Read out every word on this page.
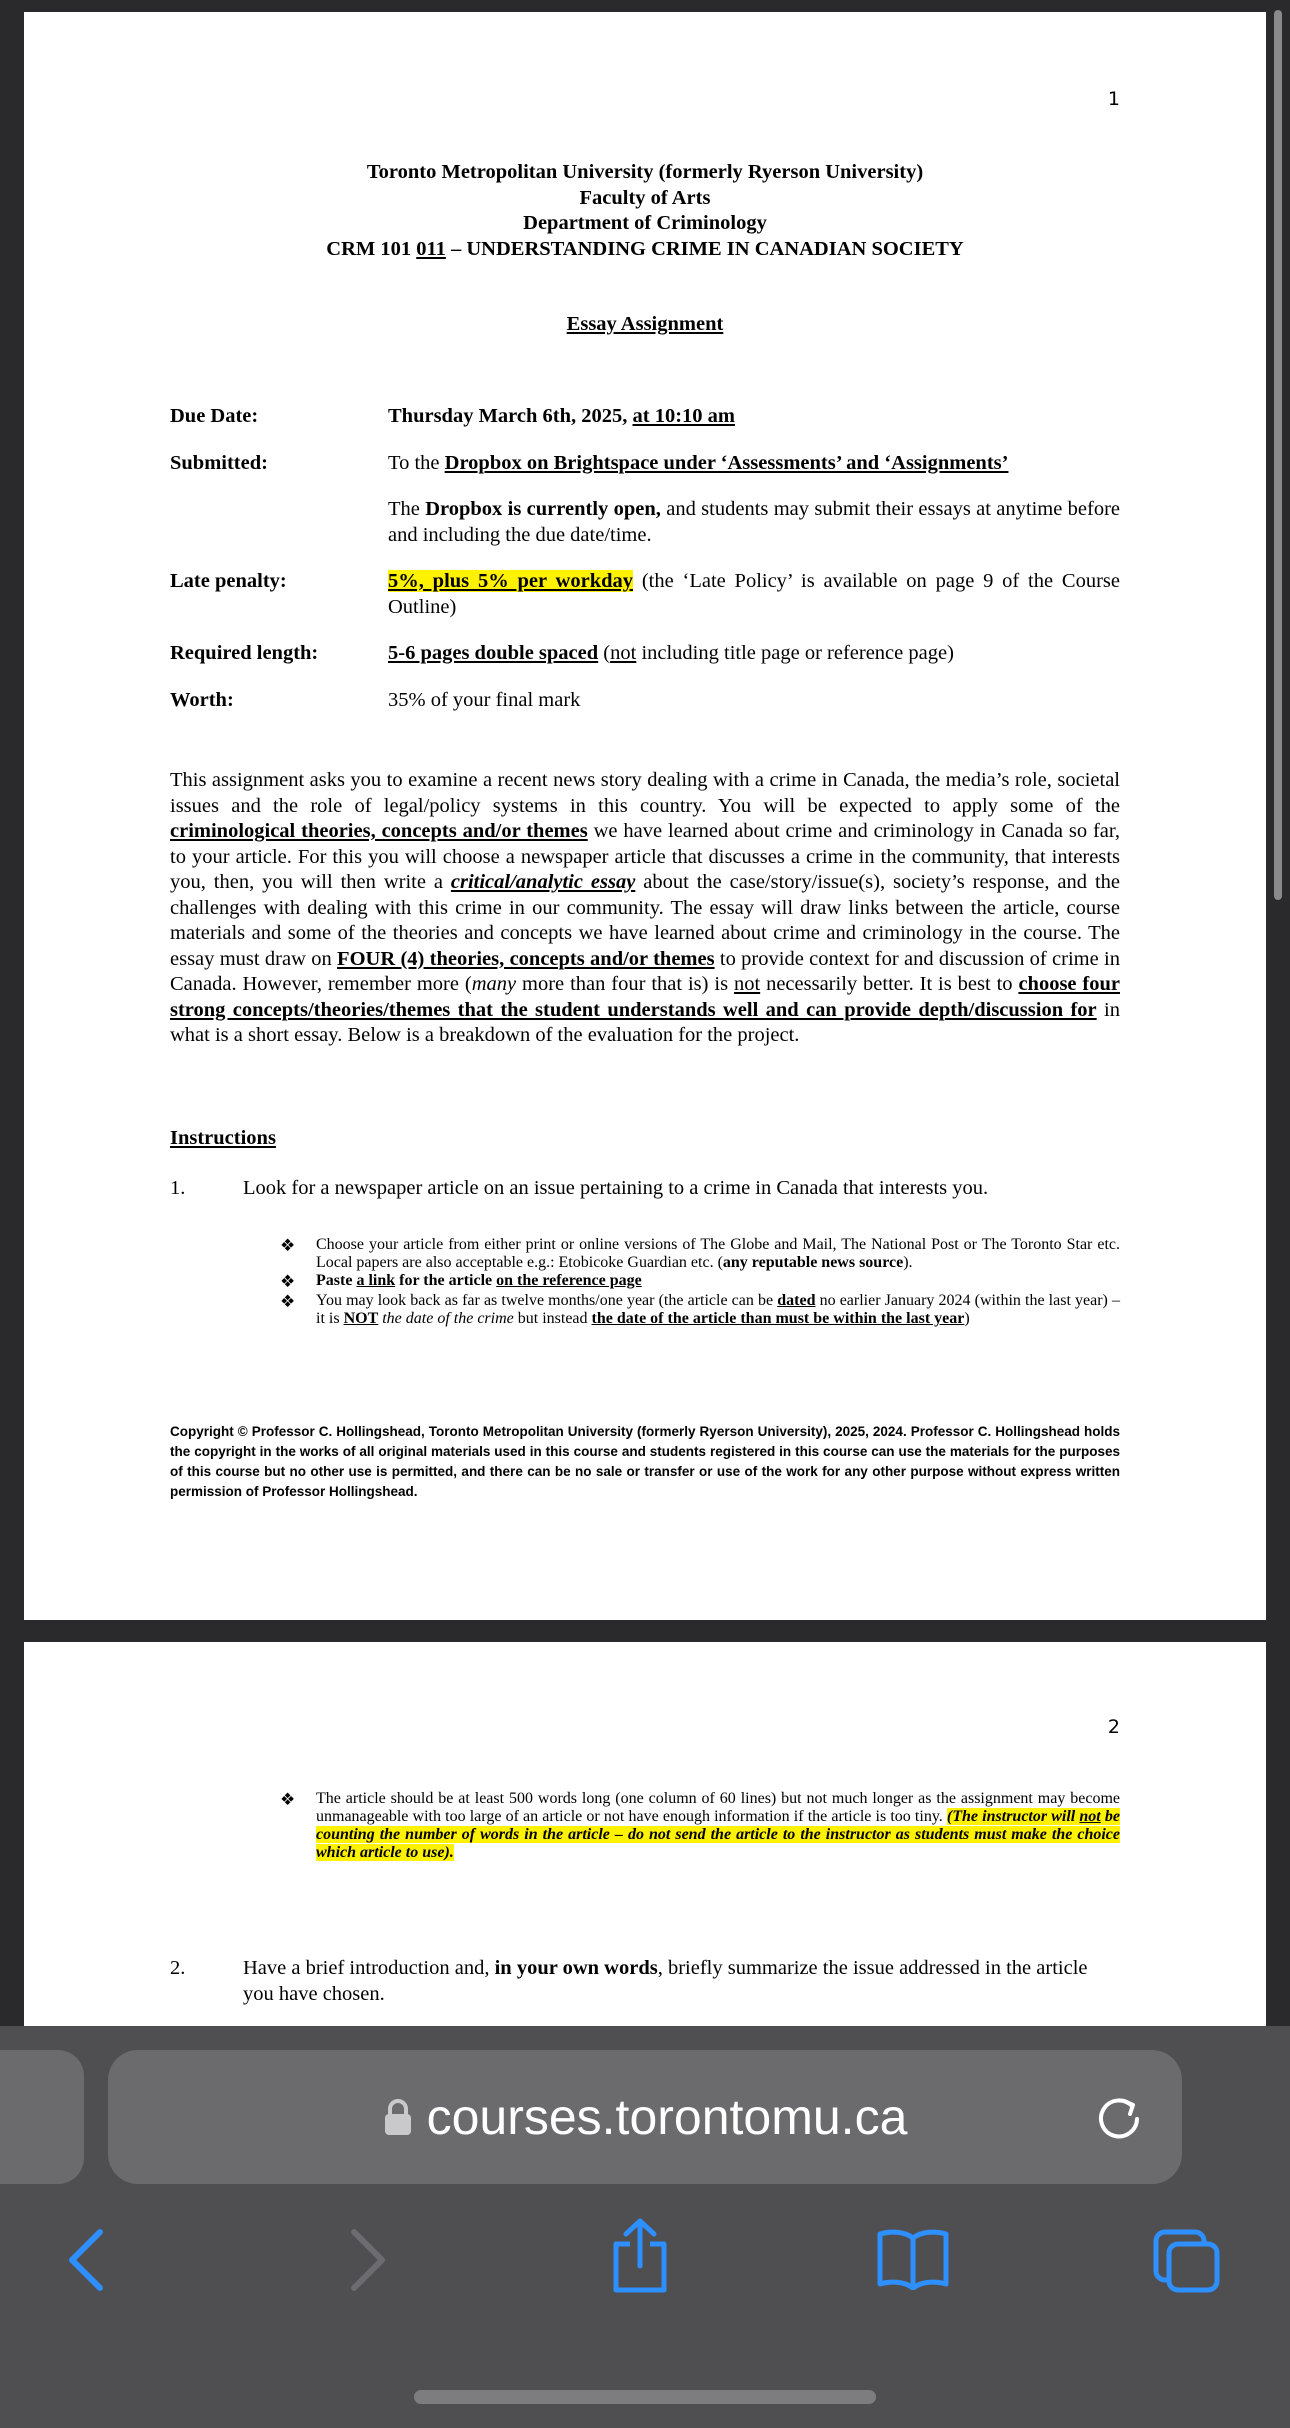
1
Toronto Metropolitan University (formerly Ryerson University)
Faculty of Arts
Department of Criminology
CRM 101 011 – UNDERSTANDING CRIME IN CANADIAN SOCIETY
Essay Assignment
Due Date:	Thursday March 6th, 2025, at 10:10 am
Submitted:	To the Dropbox on Brightspace under ‘Assessments’ and ‘Assignments’
The Dropbox is currently open, and students may submit their essays at anytime before and including the due date/time.
Late penalty:	5%, plus 5% per workday (the ‘Late Policy’ is available on page 9 of the Course Outline)
Required length:	5-6 pages double spaced (not including title page or reference page)
Worth:	35% of your final mark
This assignment asks you to examine a recent news story dealing with a crime in Canada, the media’s role, societal issues and the role of legal/policy systems in this country. You will be expected to apply some of the criminological theories, concepts and/or themes we have learned about crime and criminology in Canada so far, to your article. For this you will choose a newspaper article that discusses a crime in the community, that interests you, then, you will then write a critical/analytic essay about the case/story/issue(s), society’s response, and the challenges with dealing with this crime in our community. The essay will draw links between the article, course materials and some of the theories and concepts we have learned about crime and criminology in the course. The essay must draw on FOUR (4) theories, concepts and/or themes to provide context for and discussion of crime in Canada. However, remember more (many more than four that is) is not necessarily better. It is best to choose four strong concepts/theories/themes that the student understands well and can provide depth/discussion for in what is a short essay. Below is a breakdown of the evaluation for the project.
Instructions
1.	Look for a newspaper article on an issue pertaining to a crime in Canada that interests you.
❖	Choose your article from either print or online versions of The Globe and Mail, The National Post or The Toronto Star etc. Local papers are also acceptable e.g.: Etobicoke Guardian etc. (any reputable news source).
❖	Paste a link for the article on the reference page
❖	You may look back as far as twelve months/one year (the article can be dated no earlier January 2024 (within the last year) – it is NOT the date of the crime but instead the date of the article than must be within the last year)
Copyright © Professor C. Hollingshead, Toronto Metropolitan University (formerly Ryerson University), 2025, 2024. Professor C. Hollingshead holds the copyright in the works of all original materials used in this course and students registered in this course can use the materials for the purposes of this course but no other use is permitted, and there can be no sale or transfer or use of the work for any other purpose without express written permission of Professor Hollingshead.
2
❖	The article should be at least 500 words long (one column of 60 lines) but not much longer as the assignment may become unmanageable with too large of an article or not have enough information if the article is too tiny. (The instructor will not be counting the number of words in the article – do not send the article to the instructor as students must make the choice which article to use).
2.	Have a brief introduction and, in your own words, briefly summarize the issue addressed in the article you have chosen.
courses.torontomu.ca
